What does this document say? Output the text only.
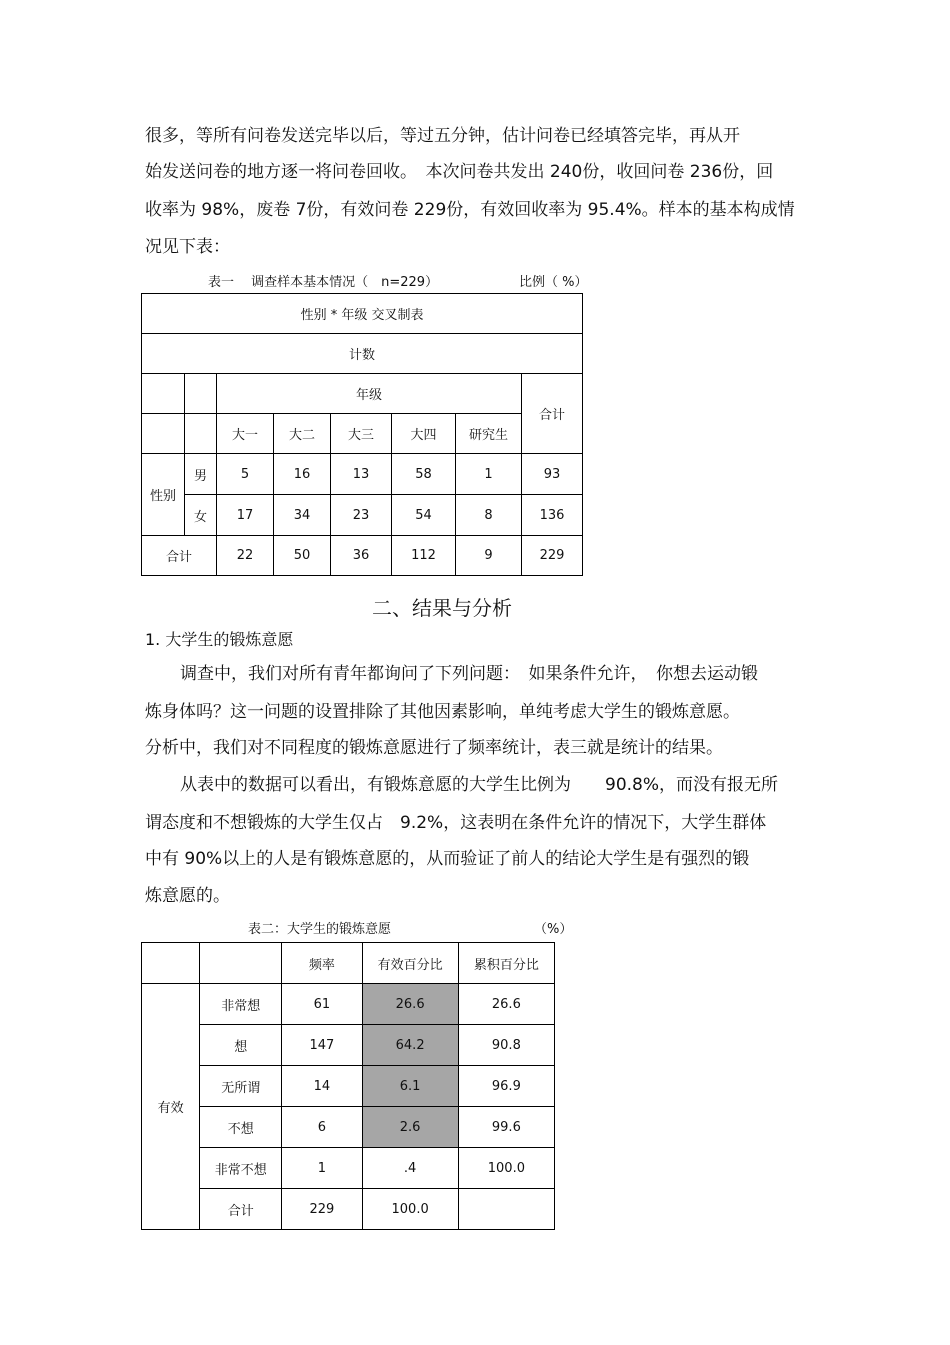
很多，等所有问卷发送完毕以后，等过五分钟，估计问卷已经填答完毕，再从开
始发送问卷的地方逐一将问卷回收。　本次问卷共发出 240份，收回问卷 236份，回
收率为 98%，废卷 7份，有效问卷 229份，有效回收率为 95.4%。样本的基本构成情
况见下表：
表一　 调查样本基本情况（　n=229）	比例（ %）
性别 * 年级 交叉制表							
计数							
		年级					合计
		大一	大二	大三	大四	研究生	
性别	男	5	16	13	58	1	93
	女	17	34	23	54	8	136
合计		22	50	36	112	9	229
二、结果与分析
1. 大学生的锻炼意愿
调查中，我们对所有青年都询问了下列问题：　如果条件允许，　你想去运动锻
炼身体吗？这一问题的设置排除了其他因素影响，单纯考虑大学生的锻炼意愿。
分析中，我们对不同程度的锻炼意愿进行了频率统计，表三就是统计的结果。
从表中的数据可以看出，有锻炼意愿的大学生比例为　　90.8%，而没有报无所
谓态度和不想锻炼的大学生仅占　9.2%，这表明在条件允许的情况下，大学生群体
中有 90%以上的人是有锻炼意愿的，从而验证了前人的结论大学生是有强烈的锻
炼意愿的。
表二：大学生的锻炼意愿	（%）
		频率	有效百分比	累积百分比
有效	非常想	61	26.6	26.6
	想	147	64.2	90.8
	无所谓	14	6.1	96.9
	不想	6	2.6	99.6
	非常不想	1	.4	100.0
	合计	229	100.0	
